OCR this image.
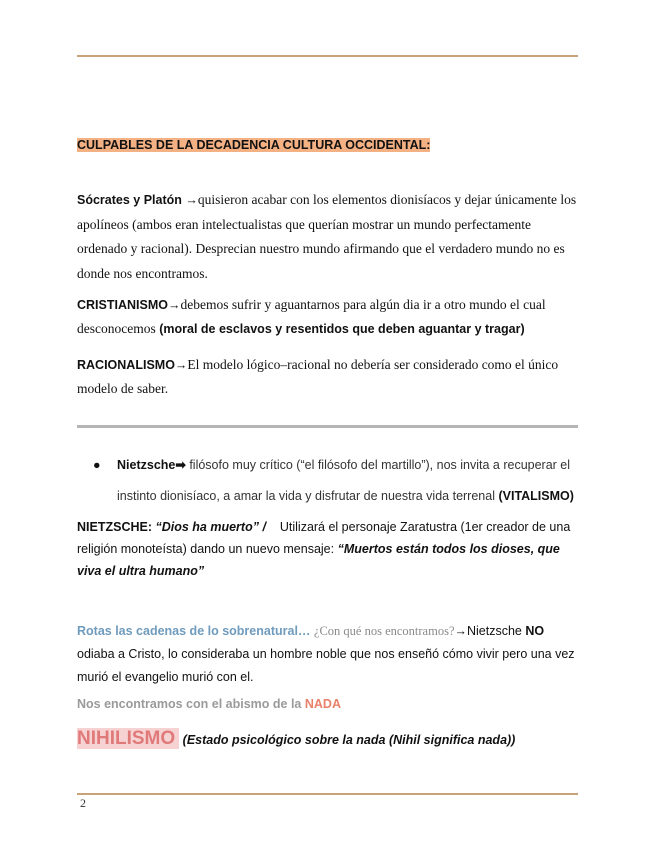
CULPABLES DE LA DECADENCIA CULTURA OCCIDENTAL:
Sócrates y Platón →quisieron acabar con los elementos dionisíacos y dejar únicamente los apolíneos (ambos eran intelectualistas que querían mostrar un mundo perfectamente ordenado y racional). Desprecian nuestro mundo afirmando que el verdadero mundo no es donde nos encontramos.
CRISTIANISMO→debemos sufrir y aguantarnos para algún dia ir a otro mundo el cual desconocemos (moral de esclavos y resentidos que deben aguantar y tragar)
RACIONALISMO→El modelo lógico–racional no debería ser considerado como el único modelo de saber.
●	Nietzsche➡ filósofo muy crítico (“el filósofo del martillo”), nos invita a recuperar el instinto dionisíaco, a amar la vida y disfrutar de nuestra vida terrenal (VITALISMO)
NIETZSCHE: “Dios ha muerto” / Utilizará el personaje Zaratustra (1er creador de una religión monoteísta) dando un nuevo mensaje: “Muertos están todos los dioses, que viva el ultra humano”
Rotas las cadenas de lo sobrenatural… ¿Con qué nos encontramos?→Nietzsche NO odiaba a Cristo, lo consideraba un hombre noble que nos enseñó cómo vivir pero una vez murió el evangelio murió con el.
Nos encontramos con el abismo de la NADA
NIHILISMO (Estado psicológico sobre la nada (Nihil significa nada))
2
